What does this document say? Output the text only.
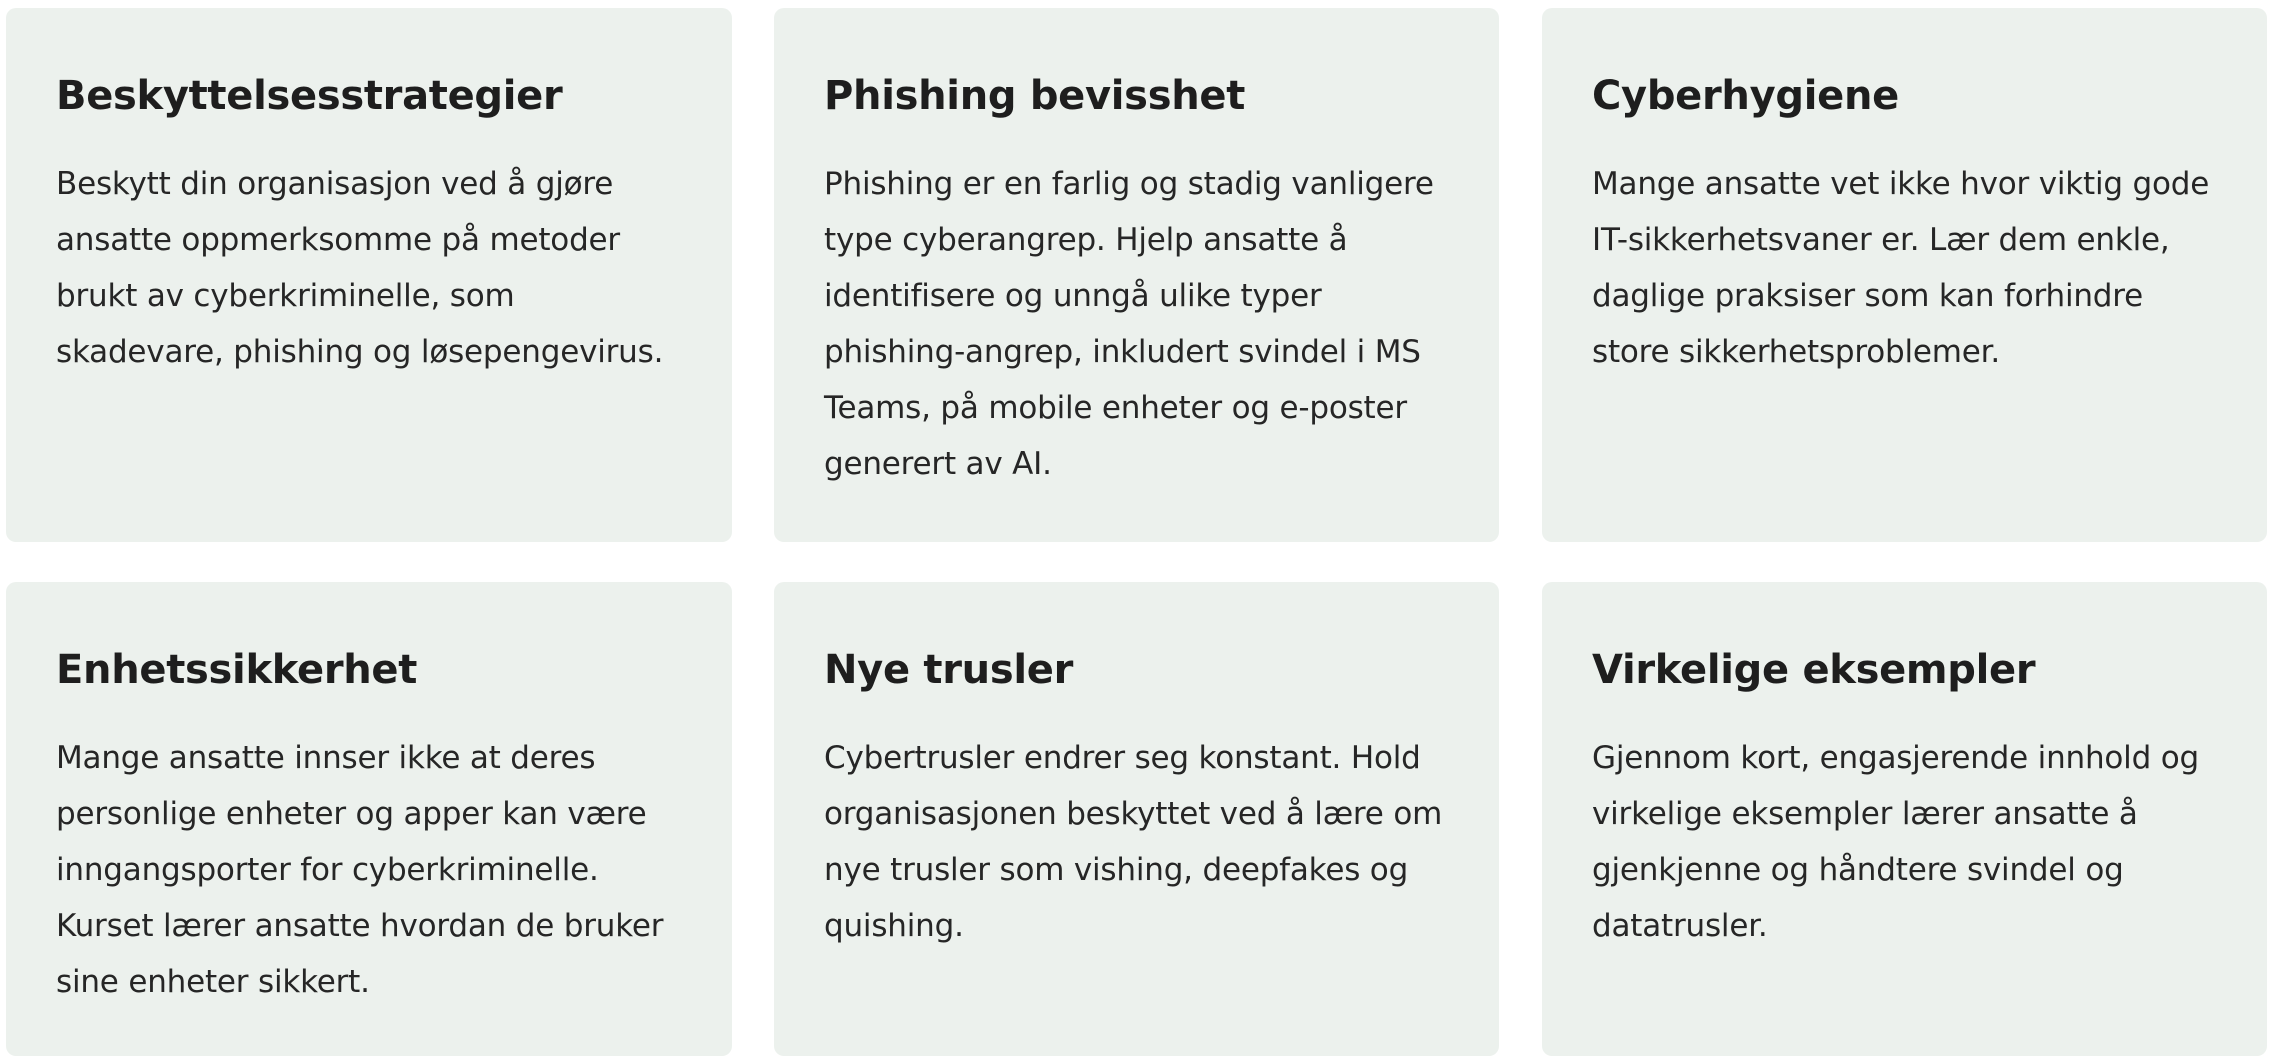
Beskyttelsesstrategier

Beskytt din organisasjon ved å gjøre ansatte oppmerksomme på metoder brukt av cyberkriminelle, som skadevare, phishing og løsepengevirus.

Phishing bevisshet

Phishing er en farlig og stadig vanligere type cyberangrep. Hjelp ansatte å identifisere og unngå ulike typer phishing-angrep, inkludert svindel i MS Teams, på mobile enheter og e-poster generert av AI.

Cyberhygiene

Mange ansatte vet ikke hvor viktig gode IT-sikkerhetsvaner er. Lær dem enkle, daglige praksiser som kan forhindre store sikkerhetsproblemer.

Enhetssikkerhet

Mange ansatte innser ikke at deres personlige enheter og apper kan være inngangsporter for cyberkriminelle. Kurset lærer ansatte hvordan de bruker sine enheter sikkert.

Nye trusler

Cybertrusler endrer seg konstant. Hold organisasjonen beskyttet ved å lære om nye trusler som vishing, deepfakes og quishing.

Virkelige eksempler

Gjennom kort, engasjerende innhold og virkelige eksempler lærer ansatte å gjenkjenne og håndtere svindel og datatrusler.
